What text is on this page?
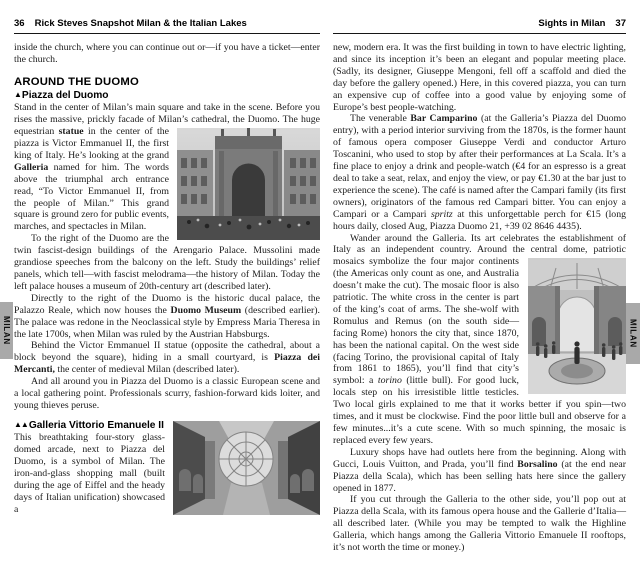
MILAN	MILAN
36 Rick Steves Snapshot Milan & the Italian Lakes

inside the church, where you can continue out or—if you have a ticket—enter the church.

AROUND THE DUOMO
▲Piazza del Duomo

Stand in the center of Milan’s main square and take in the scene. Before you rises the massive, prickly facade of Milan’s cathedral,
the Duomo. The huge equestrian statue in the center of the piazza is Victor Emmanuel II, the first king of Italy. He’s looking at the grand Galleria named for him. The words above the triumphal arch entrance read, “To Victor Emmanuel II, from the people of Milan.” This grand square is ground zero for public events, marches, and spectacles in Milan.

To the right of the Duomo are the twin fascist-design buildings of the Arengario Palace. Mussolini made grandiose speeches from the balcony on the left. Study the buildings’ relief panels, which tell—with fascist melodrama—the history of Milan. Today the left palace houses a museum of 20th-century art (described later).

Directly to the right of the Duomo is the historic ducal palace, the Palazzo Reale, which now houses the Duomo Museum (described earlier). The palace was redone in the Neoclassical style by Empress Maria Theresa in the late 1700s, when Milan was ruled by the Austrian Habsburgs.

Behind the Victor Emmanuel II statue (opposite the cathedral, about a block beyond the square), hiding in a small courtyard, is Piazza dei Mercanti, the center of medieval Milan (described later).

And all around you in Piazza del Duomo is a classic European scene and a local gathering point. Professionals scurry, fashion-forward kids loiter, and young thieves peruse.

▲▲Galleria Vittorio Emanuele II

This breathtaking four-story glass-domed arcade, next to Piazza del Duomo, is a symbol of Milan. The iron-and-glass shopping mall (built during the age of Eiffel and the heady days of Italian unification) showcased a

Sights in Milan 37

new, modern era. It was the first building in town to have electric lighting, and since its inception it’s been an elegant and popular meeting place. (Sadly, its designer, Giuseppe Mengoni, fell off a scaffold and died the day before the gallery opened.) Here, in this covered piazza, you can turn an expensive cup of coffee into a good value by enjoying some of Europe’s best people-watching.

The venerable Bar Camparino (at the Galleria’s Piazza del Duomo entry), with a period interior surviving from the 1870s, is the former haunt of famous opera composer Giuseppe Verdi and conductor Arturo Toscanini, who used to stop by after their performances at La Scala. It’s a fine place to enjoy a drink and people-watch (€4 for an espresso is a great deal to take a seat, relax, and enjoy the view, or pay €1.30 at the bar just to experience the scene). The café is named after the Campari family (its first owners), originators of the famous red Campari bitter. You can enjoy a Campari or a Campari spritz at this unforgettable perch for €15 (long hours daily, closed Aug, Piazza Duomo 21, +39 02 8646 4435).

Wander around the Galleria. Its art celebrates the establishment of Italy as an independent country. Around the central dome,
patriotic mosaics symbolize the four major continents (the Americas only count as one, and Australia doesn’t make the cut). The mosaic floor is also patriotic. The white cross in the center is part of the king’s coat of arms. The she-wolf with Romulus and Remus (on the south side—facing Rome) honors the city that, since 1870, has been the national capital. On the west side (facing Torino, the provisional capital of Italy from 1861 to 1865), you’ll find that city’s symbol: a torino (little bull). For good luck, locals step on his irresistible little testicles. Two local girls explained to me that it works better if you spin—two times, and it must be clockwise. Find the poor little bull and observe for a few minutes...it’s a cute scene. With so much spinning, the mosaic is replaced every few years.

Luxury shops have had outlets here from the beginning. Along with Gucci, Louis Vuitton, and Prada, you’ll find Borsalino (at the end near Piazza della Scala), which has been selling hats here since the gallery opened in 1877.

If you cut through the Galleria to the other side, you’ll pop out at Piazza della Scala, with its famous opera house and the Gallerie d’Italia—all described later. (While you may be tempted to walk the Highline Galleria, which hangs among the Galleria Vittorio Emanuele II rooftops, it’s not worth the time or money.)
